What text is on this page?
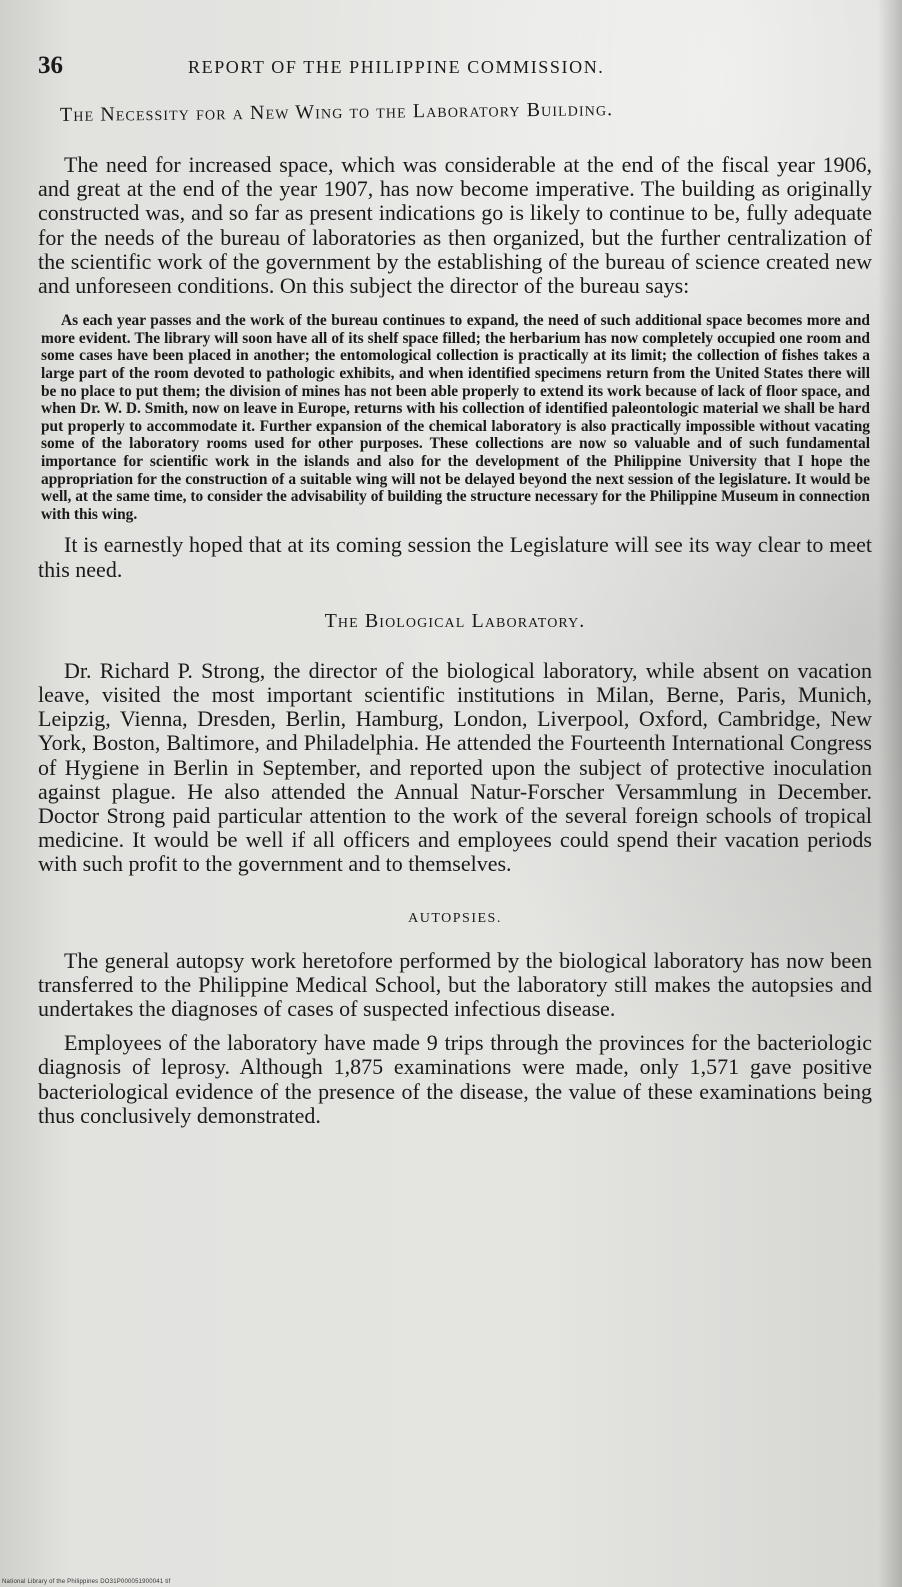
36	REPORT OF THE PHILIPPINE COMMISSION.
The Necessity for a New Wing to the Laboratory Building.

The need for increased space, which was considerable at the end of the fiscal year 1906, and great at the end of the year 1907, has now become imperative. The building as originally constructed was, and so far as present indications go is likely to continue to be, fully adequate for the needs of the bureau of laboratories as then organized, but the further centralization of the scientific work of the government by the establishing of the bureau of science created new and unforeseen conditions. On this subject the director of the bureau says:

As each year passes and the work of the bureau continues to expand, the need of such additional space becomes more and more evident. The library will soon have all of its shelf space filled; the herbarium has now completely occupied one room and some cases have been placed in another; the entomological collection is practically at its limit; the collection of fishes takes a large part of the room devoted to pathologic exhibits, and when identified specimens return from the United States there will be no place to put them; the division of mines has not been able properly to extend its work because of lack of floor space, and when Dr. W. D. Smith, now on leave in Europe, returns with his collection of identified paleontologic material we shall be hard put properly to accommodate it. Further expansion of the chemical laboratory is also practically impossible without vacating some of the laboratory rooms used for other purposes. These collections are now so valuable and of such fundamental importance for scientific work in the islands and also for the development of the Philippine University that I hope the appropriation for the construction of a suitable wing will not be delayed beyond the next session of the legislature. It would be well, at the same time, to consider the advisability of building the structure necessary for the Philippine Museum in connection with this wing.

It is earnestly hoped that at its coming session the Legislature will see its way clear to meet this need.

The Biological Laboratory.

Dr. Richard P. Strong, the director of the biological laboratory, while absent on vacation leave, visited the most important scientific institutions in Milan, Berne, Paris, Munich, Leipzig, Vienna, Dresden, Berlin, Hamburg, London, Liverpool, Oxford, Cambridge, New York, Boston, Baltimore, and Philadelphia. He attended the Fourteenth International Congress of Hygiene in Berlin in September, and reported upon the subject of protective inoculation against plague. He also attended the Annual Natur-Forscher Versammlung in December. Doctor Strong paid particular attention to the work of the several foreign schools of tropical medicine. It would be well if all officers and employees could spend their vacation periods with such profit to the government and to themselves.

AUTOPSIES.

The general autopsy work heretofore performed by the biological laboratory has now been transferred to the Philippine Medical School, but the laboratory still makes the autopsies and undertakes the diagnoses of cases of suspected infectious disease.

Employees of the laboratory have made 9 trips through the provinces for the bacteriologic diagnosis of leprosy. Although 1,875 examinations were made, only 1,571 gave positive bacteriological evidence of the presence of the disease, the value of these examinations being thus conclusively demonstrated.

National Library of the Philippines DO31P000051900041 tif
